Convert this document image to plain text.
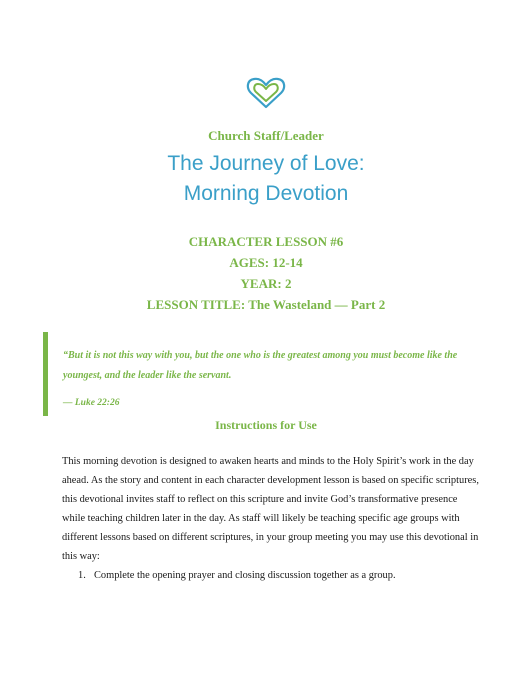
Church Staff/Leader
The Journey of Love:
Morning Devotion
CHARACTER LESSON #6
AGES: 12-14
YEAR: 2
LESSON TITLE: The Wasteland — Part 2
“But it is not this way with you, but the one who is the greatest among you must become like the youngest, and the leader like the servant.
— Luke 22:26
Instructions for Use
This morning devotion is designed to awaken hearts and minds to the Holy Spirit’s work in the day ahead. As the story and content in each character development lesson is based on specific scriptures, this devotional invites staff to reflect on this scripture and invite God’s transformative presence while teaching children later in the day. As staff will likely be teaching specific age groups with different lessons based on different scriptures, in your group meeting you may use this devotional in this way:
1. Complete the opening prayer and closing discussion together as a group.
